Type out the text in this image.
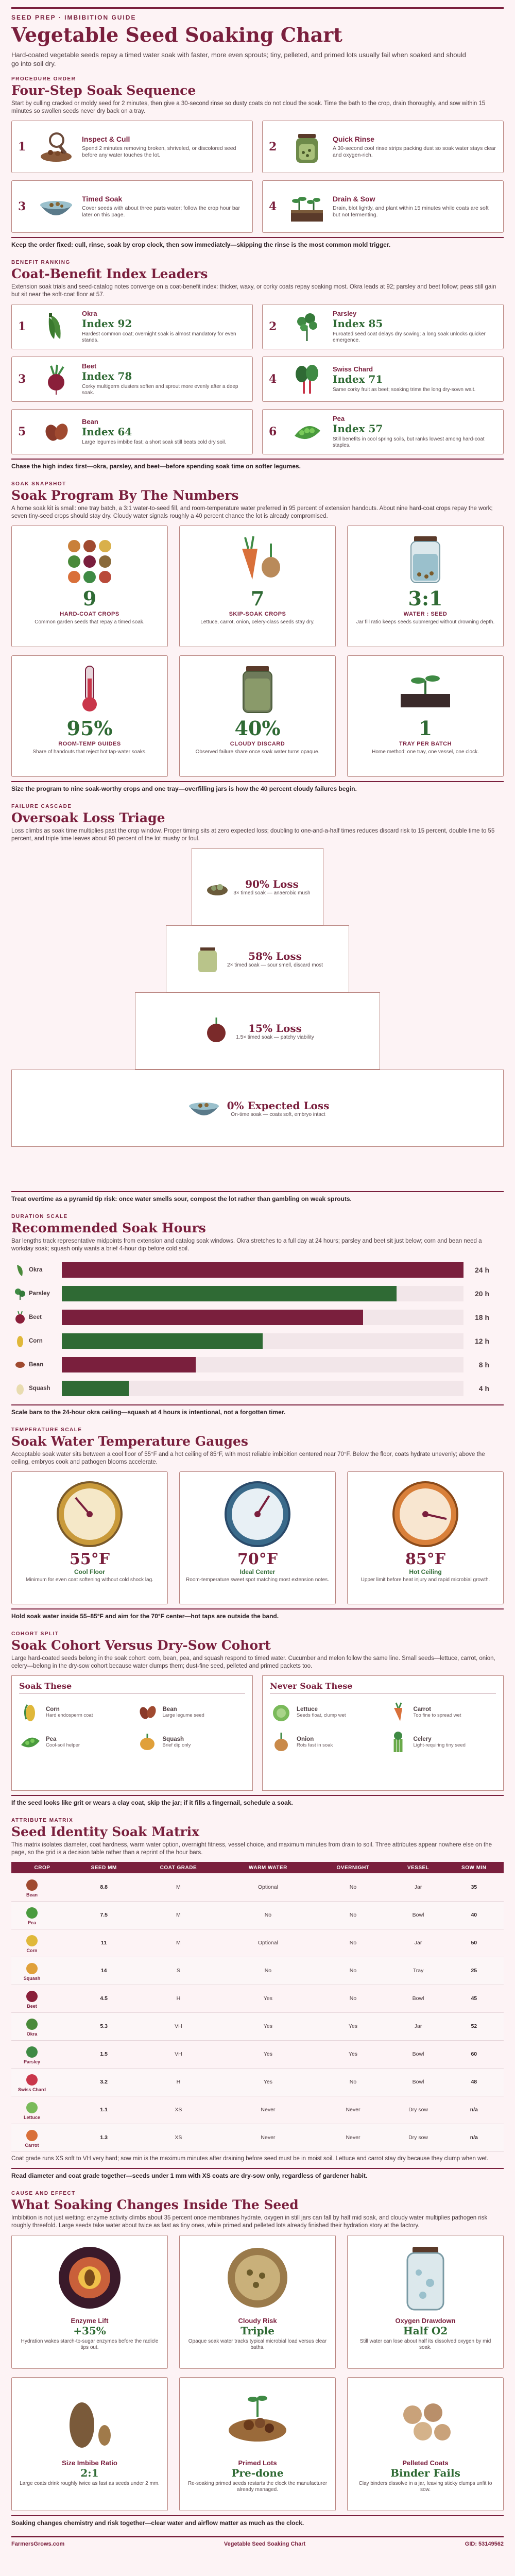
SEED PREP · IMBIBITION GUIDE
Vegetable Seed Soaking Chart

Hard-coated vegetable seeds repay a timed water soak with faster, more even sprouts; tiny, pelleted, and primed lots usually fail when soaked and should go into soil dry.

PROCEDURE ORDER
Four-Step Soak Sequence

Start by culling cracked or moldy seed for 2 minutes, then give a 30-second rinse so dusty coats do not cloud the soak. Time the bath to the crop, drain thoroughly, and sow within 15 minutes so swollen seeds never dry back on a tray.

1
Inspect & Cull
Spend 2 minutes removing broken, shriveled, or discolored seed before any water touches the lot.
2
Quick Rinse
A 30-second cool rinse strips packing dust so soak water stays clear and oxygen-rich.
3
Timed Soak
Cover seeds with about three parts water; follow the crop hour bar later on this page.
4
Drain & Sow
Drain, blot lightly, and plant within 15 minutes while coats are soft but not fermenting.
Keep the order fixed: cull, rinse, soak by crop clock, then sow immediately—skipping the rinse is the most common mold trigger.
BENEFIT RANKING
Coat-Benefit Index Leaders

Extension soak trials and seed-catalog notes converge on a coat-benefit index: thicker, waxy, or corky coats repay soaking most. Okra leads at 92; parsley and beet follow; peas still gain but sit near the soft-coat floor at 57.

1
Okra
Index 92
Hardest common coat; overnight soak is almost mandatory for even stands.
2
Parsley
Index 85
Furoated seed coat delays dry sowing; a long soak unlocks quicker emergence.
3
Beet
Index 78
Corky multigerm clusters soften and sprout more evenly after a deep soak.
4
Swiss Chard
Index 71
Same corky fruit as beet; soaking trims the long dry-sown wait.
5
Bean
Index 64
Large legumes imbibe fast; a short soak still beats cold dry soil.
6
Pea
Index 57
Still benefits in cool spring soils, but ranks lowest among hard-coat staples.
Chase the high index first—okra, parsley, and beet—before spending soak time on softer legumes.
SOAK SNAPSHOT
Soak Program By The Numbers

A home soak kit is small: one tray batch, a 3:1 water-to-seed fill, and room-temperature water preferred in 95 percent of extension handouts. About nine hard-coat crops repay the work; seven tiny-seed crops should stay dry. Cloudy water signals roughly a 40 percent chance the lot is already compromised.

9
HARD-COAT CROPS
Common garden seeds that repay a timed soak.
7
SKIP-SOAK CROPS
Lettuce, carrot, onion, celery-class seeds stay dry.
3:1
WATER : SEED
Jar fill ratio keeps seeds submerged without drowning depth.
95%
ROOM-TEMP GUIDES
Share of handouts that reject hot tap-water soaks.
40%
CLOUDY DISCARD
Observed failure share once soak water turns opaque.
1
TRAY PER BATCH
Home method: one tray, one vessel, one clock.
Size the program to nine soak-worthy crops and one tray—overfilling jars is how the 40 percent cloudy failures begin.
FAILURE CASCADE
Oversoak Loss Triage

Loss climbs as soak time multiplies past the crop window. Proper timing sits at zero expected loss; doubling to one-and-a-half times reduces discard risk to 15 percent, double time to 55 percent, and triple time leaves about 90 percent of the lot mushy or foul.

90% Loss
3× timed soak — anaerobic mush
58% Loss
2× timed soak — sour smell, discard most
15% Loss
1.5× timed soak — patchy viability
0% Expected Loss
On-time soak — coats soft, embryo intact
Treat overtime as a pyramid tip risk: once water smells sour, compost the lot rather than gambling on weak sprouts.
DURATION SCALE
Recommended Soak Hours

Bar lengths track representative midpoints from extension and catalog soak windows. Okra stretches to a full day at 24 hours; parsley and beet sit just below; corn and bean need a workday soak; squash only wants a brief 4-hour dip before cold soil.

Okra	24 h
Parsley	20 h
Beet	18 h
Corn	12 h
Bean	8 h
Squash	4 h
Scale bars to the 24-hour okra ceiling—squash at 4 hours is intentional, not a forgotten timer.
TEMPERATURE SCALE
Soak Water Temperature Gauges

Acceptable soak water sits between a cool floor of 55°F and a hot ceiling of 85°F, with most reliable imbibition centered near 70°F. Below the floor, coats hydrate unevenly; above the ceiling, embryos cook and pathogen blooms accelerate.

55°F
Cool Floor
Minimum for even coat softening without cold shock lag.
70°F
Ideal Center
Room-temperature sweet spot matching most extension notes.
85°F
Hot Ceiling
Upper limit before heat injury and rapid microbial growth.
Hold soak water inside 55–85°F and aim for the 70°F center—hot taps are outside the band.
COHORT SPLIT
Soak Cohort Versus Dry-Sow Cohort

Large hard-coated seeds belong in the soak cohort: corn, bean, pea, and squash respond to timed water. Cucumber and melon follow the same line. Small seeds—lettuce, carrot, onion, celery—belong in the dry-sow cohort because water clumps them; dust-fine seed, pelleted and primed packets too.

Soak These
Corn
Hard endosperm coat
Bean
Large legume seed
Pea
Cool-soil helper
Squash
Brief dip only
Never Soak These
Lettuce
Seeds float, clump wet
Carrot
Too fine to spread wet
Onion
Rots fast in soak
Celery
Light-requiring tiny seed
If the seed looks like grit or wears a clay coat, skip the jar; if it fills a fingernail, schedule a soak.
ATTRIBUTE MATRIX
Seed Identity Soak Matrix

This matrix isolates diameter, coat hardness, warm water option, overnight fitness, vessel choice, and maximum minutes from drain to soil. Three attributes appear nowhere else on the page, so the grid is a decision table rather than a reprint of the hour bars.

CROP	SEED MM	COAT GRADE	WARM WATER	OVERNIGHT	VESSEL	SOW MIN

Bean	8.8	M	Optional	No	Jar	35

Pea	7.5	M	No	No	Bowl	40

Corn	11	M	Optional	No	Jar	50

Squash	14	S	No	No	Tray	25

Beet	4.5	H	Yes	No	Bowl	45

Okra	5.3	VH	Yes	Yes	Jar	52

Parsley	1.5	VH	Yes	Yes	Bowl	60

Swiss Chard	3.2	H	Yes	No	Bowl	48

Lettuce	1.1	XS	Never	Never	Dry sow	n/a

Carrot	1.3	XS	Never	Never	Dry sow	n/a

Coat grade runs XS soft to VH very hard; sow min is the maximum minutes after draining before seed must be in moist soil. Lettuce and carrot stay dry because they clump when wet.

Read diameter and coat grade together—seeds under 1 mm with XS coats are dry-sow only, regardless of gardener habit.
CAUSE AND EFFECT
What Soaking Changes Inside The Seed

Imbibition is not just wetting: enzyme activity climbs about 35 percent once membranes hydrate, oxygen in still jars can fall by half mid soak, and cloudy water multiplies pathogen risk roughly threefold. Large seeds take water about twice as fast as tiny ones, while primed and pelleted lots already finished their hydration story at the factory.

Enzyme Lift
+35%
Hydration wakes starch-to-sugar enzymes before the radicle tips out.
Cloudy Risk
Triple
Opaque soak water tracks typical microbial load versus clear baths.
Oxygen Drawdown
Half O2
Still water can lose about half its dissolved oxygen by mid soak.
Size Imbibe Ratio
2:1
Large coats drink roughly twice as fast as seeds under 2 mm.
Primed Lots
Pre-done
Re-soaking primed seeds restarts the clock the manufacturer already managed.
Pelleted Coats
Binder Fails
Clay binders dissolve in a jar, leaving sticky clumps unfit to sow.
Soaking changes chemistry and risk together—clear water and airflow matter as much as the clock.
FarmersGrows.com	Vegetable Seed Soaking Chart	GID: 53149562
